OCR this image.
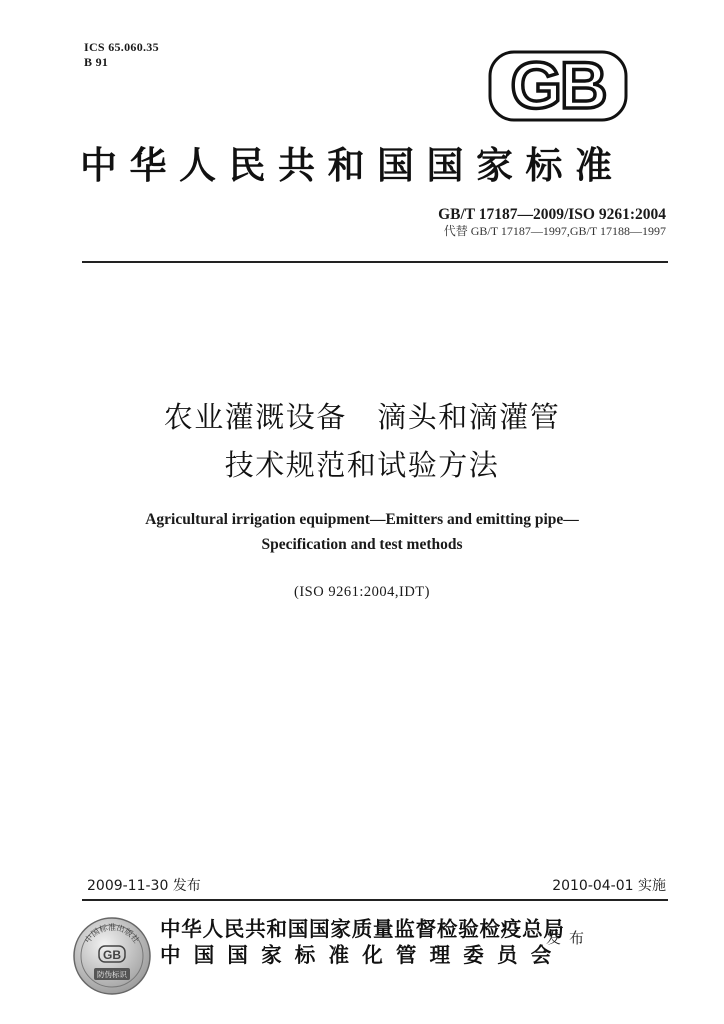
ICS 65.060.35
B 91	GB
中华人民共和国国家标准
GB/T 17187—2009/ISO 9261:2004
代替 GB/T 17187—1997,GB/T 17188—1997
农业灌溉设备　滴头和滴灌管
技术规范和试验方法
Agricultural irrigation equipment—Emitters and emitting pipe—
Specification and test methods
(ISO 9261:2004,IDT)
2009-11-30 发布	2010-04-01 实施
中国标准出版社
GB
防伪标识
中华人民共和国国家质量监督检验检疫总局
中国国家标准化管理委员会
发布
